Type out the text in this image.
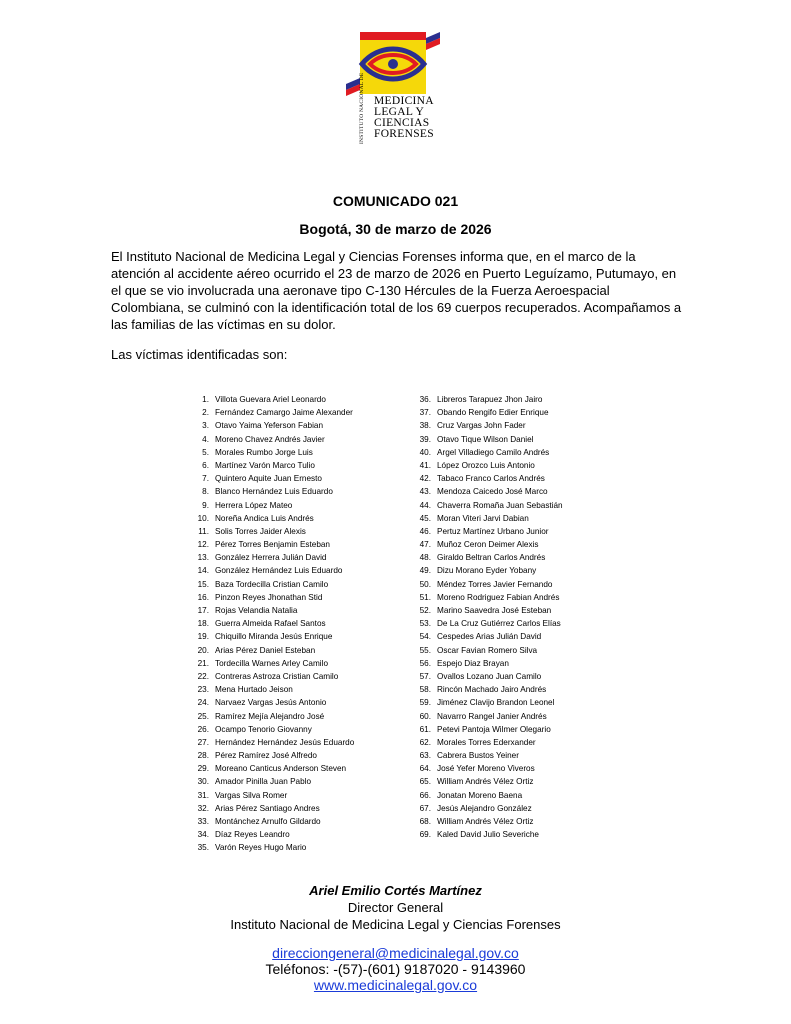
INSTITUTO NACIONAL DE MEDICINA
LEGAL Y
CIENCIAS
FORENSES
COMUNICADO 021
Bogotá, 30 de marzo de 2026
El Instituto Nacional de Medicina Legal y Ciencias Forenses informa que, en el marco de la atención al accidente aéreo ocurrido el 23 de marzo de 2026 en Puerto Leguízamo, Putumayo, en el que se vio involucrada una aeronave tipo C-130 Hércules de la Fuerza Aeroespacial Colombiana, se culminó con la identificación total de los 69 cuerpos recuperados. Acompañamos a las familias de las víctimas en su dolor.
Las víctimas identificadas son:
1. Villota Guevara Ariel Leonardo
2. Fernández Camargo Jaime Alexander
3. Otavo Yaima Yeferson Fabian
4. Moreno Chavez Andrés Javier
5. Morales Rumbo Jorge Luis
6. Martínez Varón Marco Tulio
7. Quintero Aquite Juan Ernesto
8. Blanco Hernández Luis Eduardo
9. Herrera López Mateo
10. Noreña Andica Luis Andrés
11. Solis Torres Jaider Alexis
12. Pérez Torres Benjamin Esteban
13. González Herrera Julián David
14. González Hernández Luis Eduardo
15. Baza Tordecilla Cristian Camilo
16. Pinzon Reyes Jhonathan Stid
17. Rojas Velandia Natalia
18. Guerra Almeida Rafael Santos
19. Chiquillo Miranda Jesús Enrique
20. Arias Pérez Daniel Esteban
21. Tordecilla Warnes Arley Camilo
22. Contreras Astroza Cristian Camilo
23. Mena Hurtado Jeison
24. Narvaez Vargas Jesús Antonio
25. Ramírez Mejía Alejandro José
26. Ocampo Tenorio Giovanny
27. Hernández Hernández Jesús Eduardo
28. Pérez Ramírez José Alfredo
29. Moreano Canticus Anderson Steven
30. Amador Pinilla Juan Pablo
31. Vargas Silva Romer
32. Arias Pérez Santiago Andres
33. Montánchez Arnulfo Gildardo
34. Díaz Reyes Leandro
35. Varón Reyes Hugo Mario
36. Libreros Tarapuez Jhon Jairo
37. Obando Rengifo Edier Enrique
38. Cruz Vargas John Fader
39. Otavo Tique Wilson Daniel
40. Argel Villadiego Camilo Andrés
41. López Orozco Luis Antonio
42. Tabaco Franco Carlos Andrés
43. Mendoza Caicedo José Marco
44. Chaverra Romaña Juan Sebastián
45. Moran Viteri Jarvi Dabian
46. Pertuz Martínez Urbano Junior
47. Muñoz Ceron Deimer Alexis
48. Giraldo Beltran Carlos Andrés
49. Dizu Morano Eyder Yobany
50. Méndez Torres Javier Fernando
51. Moreno Rodriguez Fabian Andrés
52. Marino Saavedra José Esteban
53. De La Cruz Gutiérrez Carlos Elías
54. Cespedes Arias Julián David
55. Oscar Favian Romero Silva
56. Espejo Diaz Brayan
57. Ovallos Lozano Juan Camilo
58. Rincón Machado Jairo Andrés
59. Jiménez Clavijo Brandon Leonel
60. Navarro Rangel Janier Andrés
61. Petevi Pantoja Wilmer Olegario
62. Morales Torres Ederxander
63. Cabrera Bustos Yeiner
64. José Yefer Moreno Viveros
65. William Andrés Vélez Ortiz
66. Jonatan Moreno Baena
67. Jesús Alejandro González
68. William Andrés Vélez Ortiz
69. Kaled David Julio Severiche
Ariel Emilio Cortés Martínez
Director General
Instituto Nacional de Medicina Legal y Ciencias Forenses
direcciongeneral@medicinalegal.gov.co
Teléfonos: -(57)-(601) 9187020 - 9143960
www.medicinalegal.gov.co
